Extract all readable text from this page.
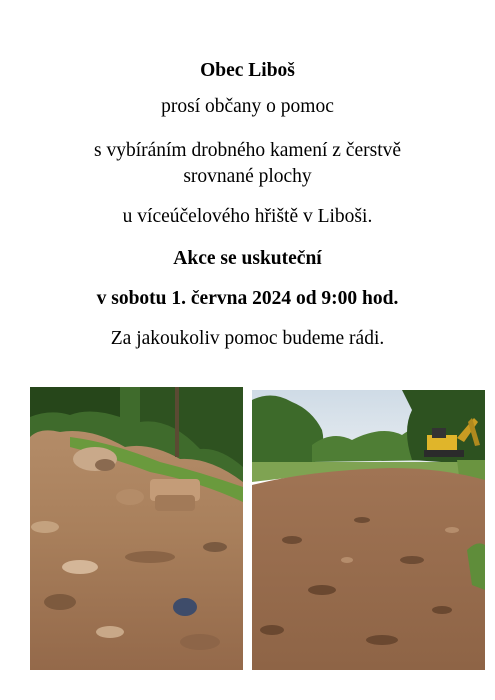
Obec Liboš
prosí občany o pomoc
s vybíráním drobného kamení z čerstvě
srovnané plochy
u víceúčelového hřiště v Liboši.
Akce se uskuteční
v sobotu 1. června 2024 od 9:00 hod.
Za jakoukoliv pomoc budeme rádi.
